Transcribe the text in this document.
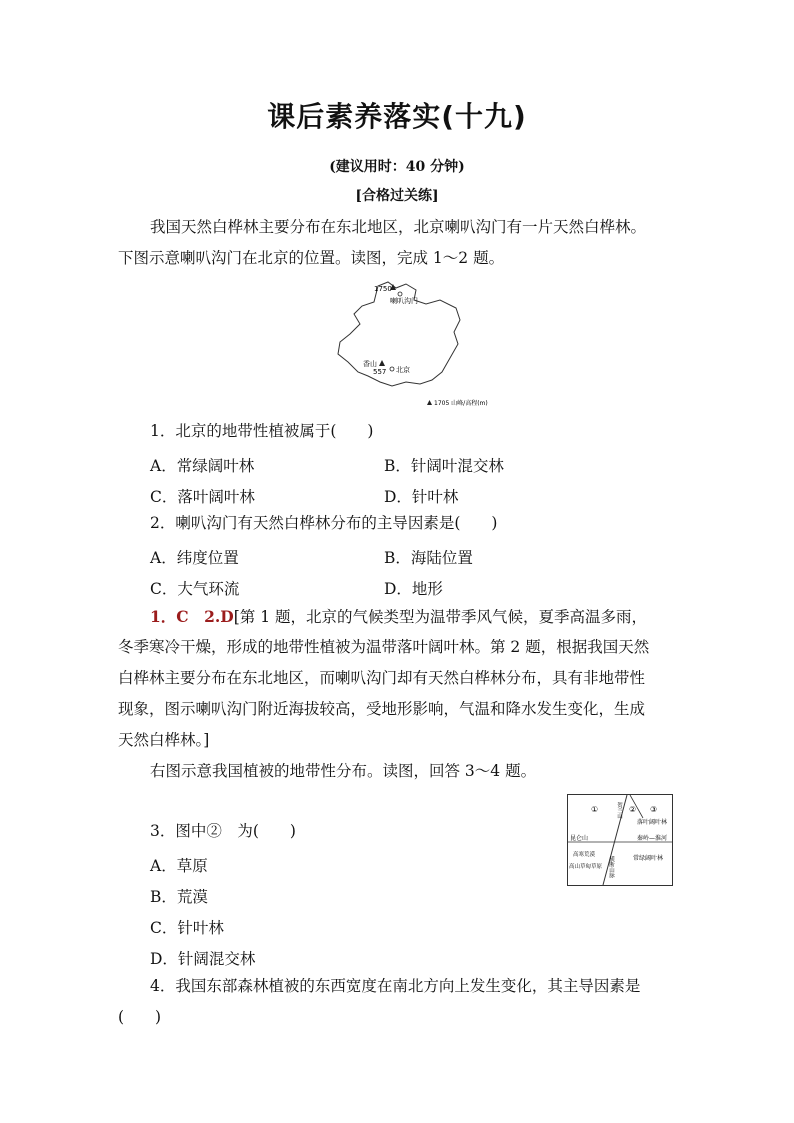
课后素养落实(十九)
(建议用时：40 分钟)
[合格过关练]
我国天然白桦林主要分布在东北地区，北京喇叭沟门有一片天然白桦林。
下图示意喇叭沟门在北京的位置。读图，完成 1～2 题。
1750
喇叭沟门
香山
557 北京
1705 山峰/高程(m)
1．北京的地带性植被属于(　　)
A．常绿阔叶林	B．针阔叶混交林
C．落叶阔叶林	D．针叶林
2．喇叭沟门有天然白桦林分布的主导因素是(　　)
A．纬度位置	B．海陆位置
C．大气环流	D．地形
1．C　2.D[第 1 题，北京的气候类型为温带季风气候，夏季高温多雨，
冬季寒冷干燥，形成的地带性植被为温带落叶阔叶林。第 2 题，根据我国天然
白桦林主要分布在东北地区，而喇叭沟门却有天然白桦林分布，具有非地带性
现象，图示喇叭沟门附近海拔较高，受地形影响，气温和降水发生变化，生成
天然白桦林。]
右图示意我国植被的地带性分布。读图，回答 3～4 题。
①	② ③
贺兰山
落叶阔叶林
昆仑山	秦岭—淮河
高寒荒漠
高山草甸草原
常绿阔叶林
横断山脉
3．图中②　为(　　)
A．草原
B．荒漠
C．针叶林
D．针阔混交林
4．我国东部森林植被的东西宽度在南北方向上发生变化，其主导因素是
(　　)
